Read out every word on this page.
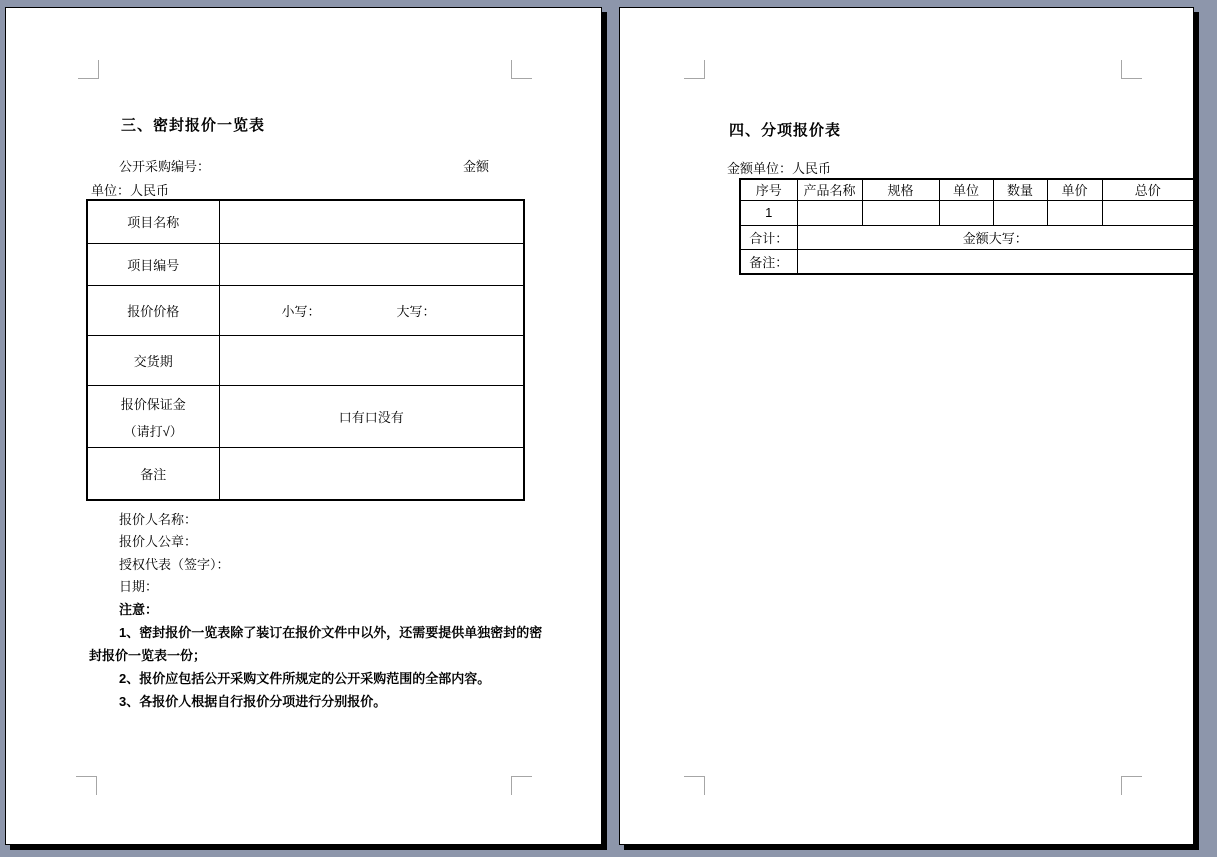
三、密封报价一览表
公开采购编号：	金额
单位：人民币
项目名称	
项目编号	
报价价格	小写： 大写：
交货期	

报价保证金
（请打√）	口有口没有
备注	
报价人名称：
报价人公章：
授权代表（签字）：
日期：
注意：
1、密封报价一览表除了装订在报价文件中以外，还需要提供单独密封的密
封报价一览表一份；
2、报价应包括公开采购文件所规定的公开采购范围的全部内容。
3、各报价人根据自行报价分项进行分别报价。
四、分项报价表
金额单位：人民币
序号	产品名称	规格	单位	数量	单价	总价
1						
合计：	金额大写：					
备注：						
